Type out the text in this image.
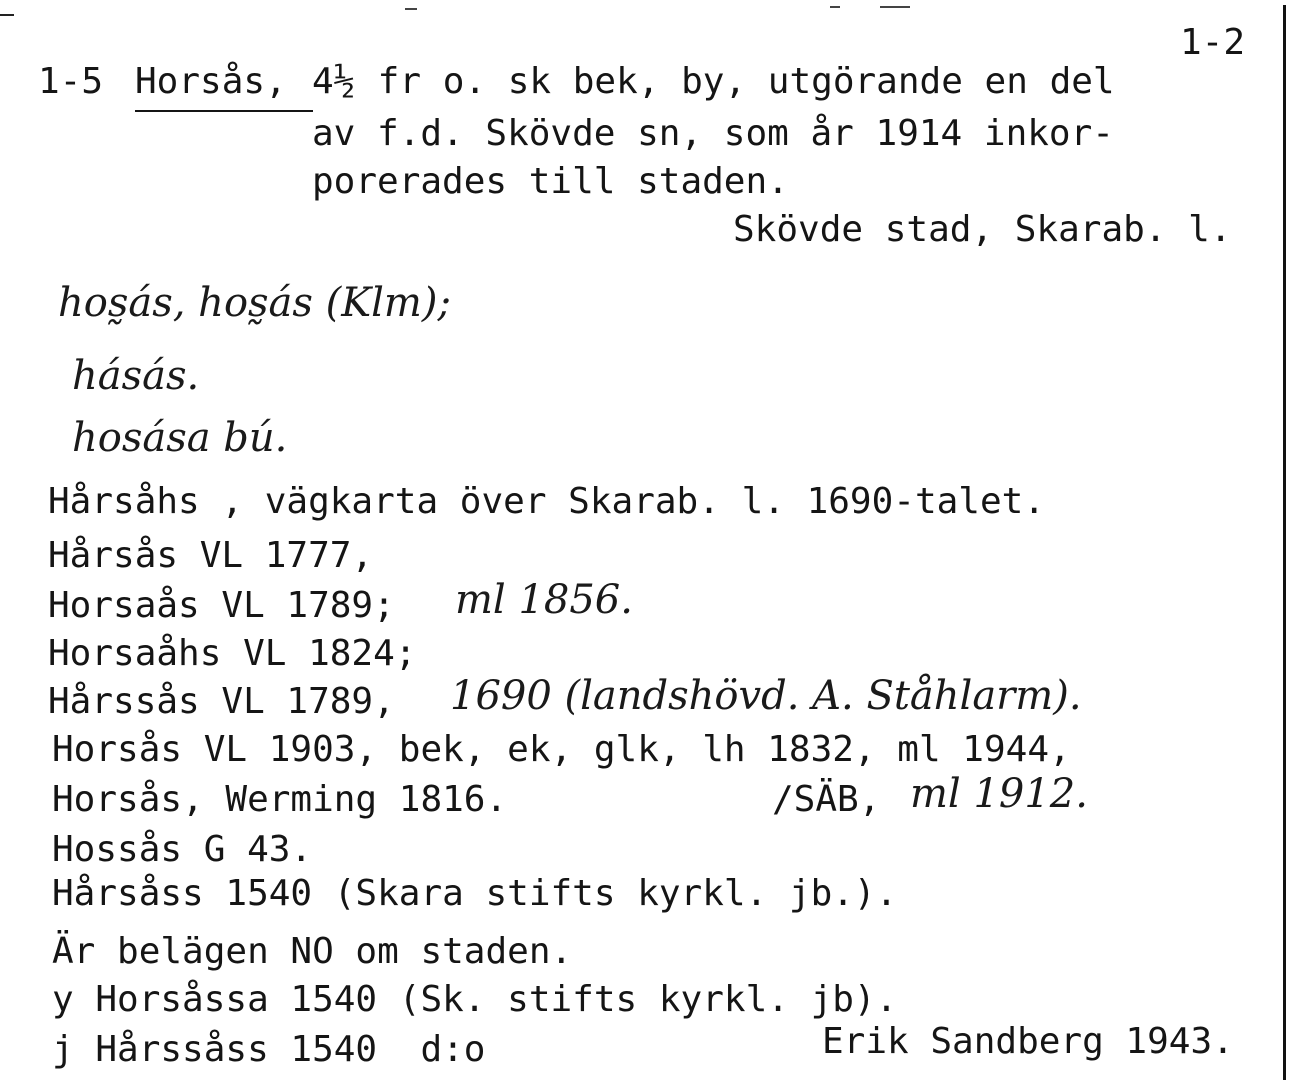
1-2

1-5 Horsås, 4½ fr o. sk bek, by, utgörande en del

av f.d. Skövde sn, som år 1914 inkor-

porerades till staden.

Skövde stad, Skarab. l.

hos̰ás, hos̰ás (Klm);

hásás.

hosása bú.

Hårsåhs , vägkarta över Skarab. l. 1690-talet.

Hårsås VL 1777,

Horsaås VL 1789; ml 1856.

Horsaåhs VL 1824;

Hårssås VL 1789, 1690 (landshövd. A. Ståhlarm).

Horsås VL 1903, bek, ek, glk, lh 1832, ml 1944,

Horsås, Werming 1816.	/SÄB, ml 1912.

Hossås G 43.

Hårsåss 1540 (Skara stifts kyrkl. jb.).

Är belägen NO om staden.

y Horsåssa 1540 (Sk. stifts kyrkl. jb).

j Hårssåss 1540  d:o	Erik Sandberg 1943.
